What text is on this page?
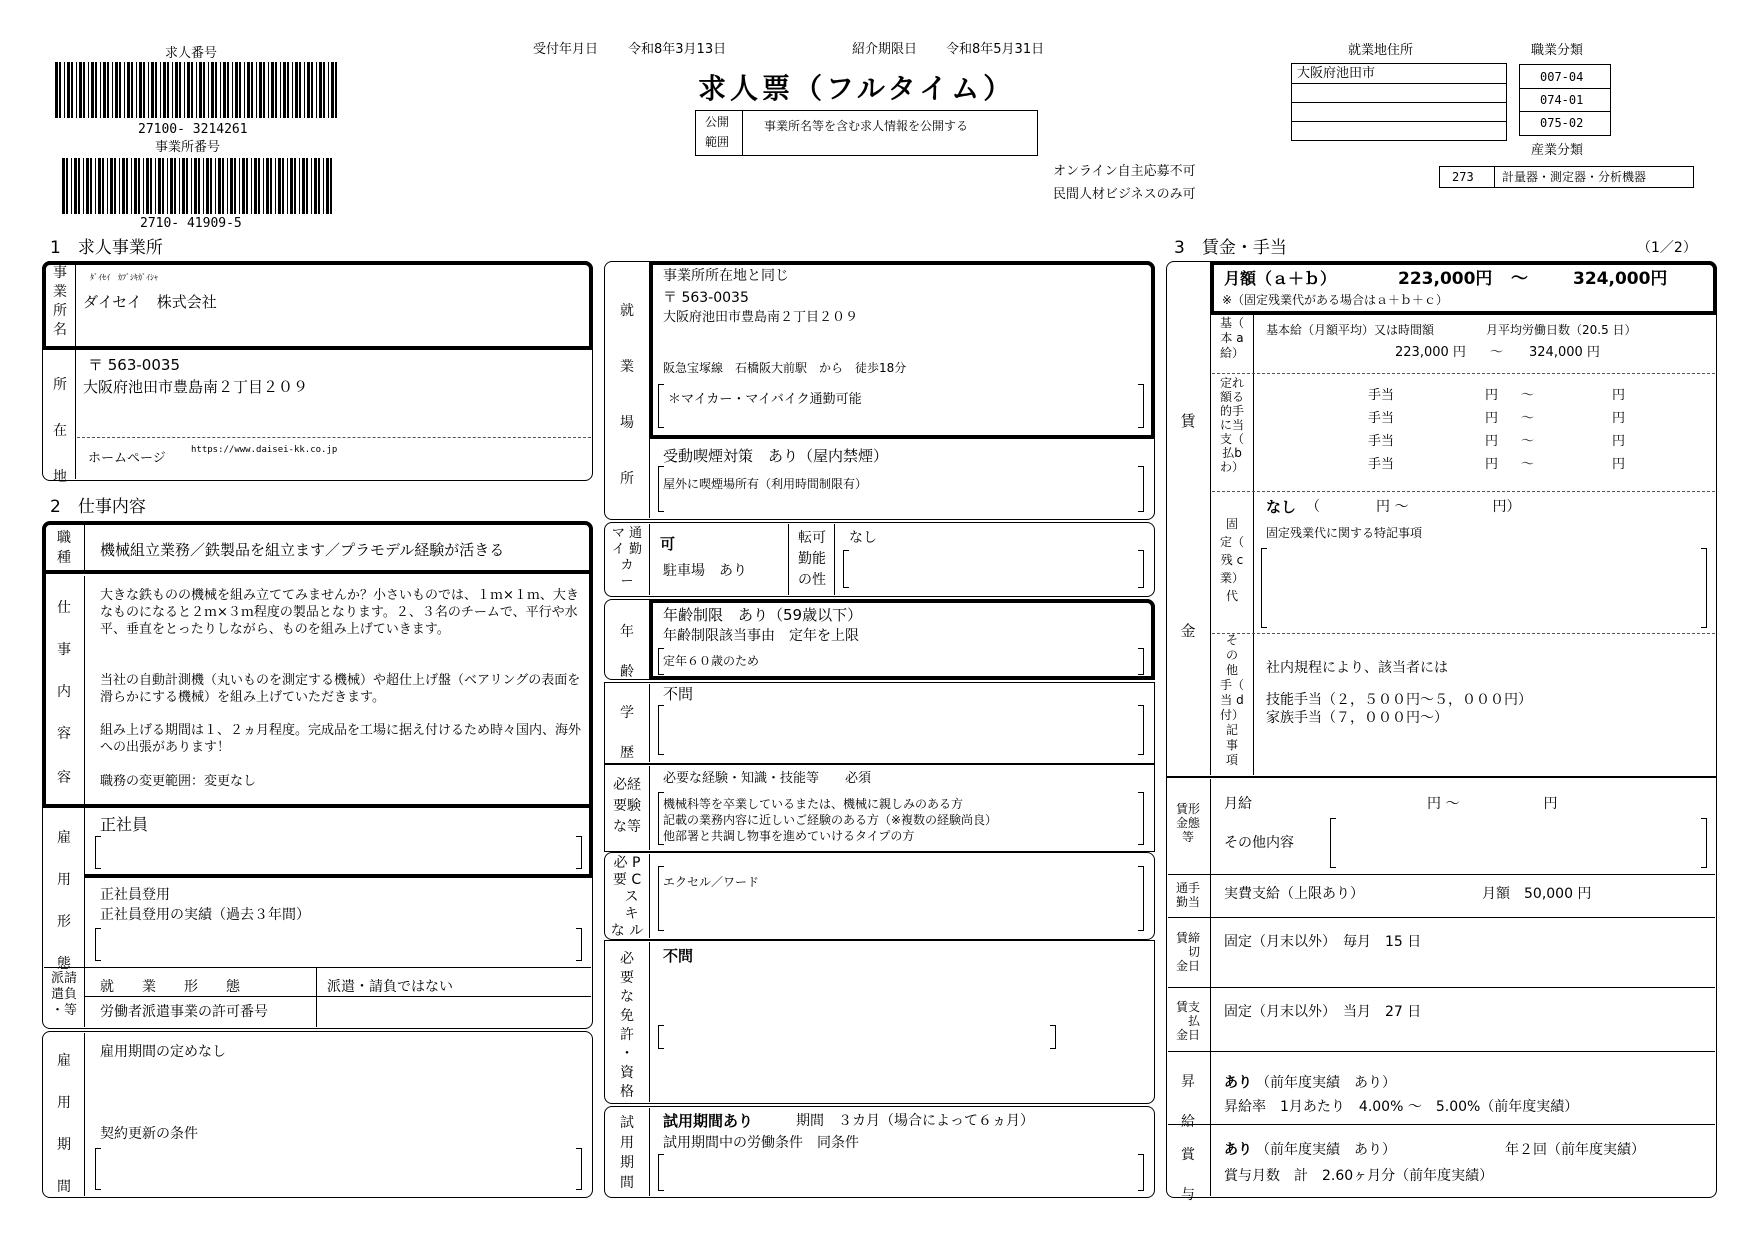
求人番号
27100- 3214261
事業所番号
2710- 41909-5
受付年月日 令和8年3月13日	紹介期限日 令和8年5月31日
求人票（フルタイム）
公開
範囲
事業所名等を含む求人情報を公開する
オンライン自主応募不可
民間人材ビジネスのみ可
就業地住所
大阪府池田市
職業分類
007-04
074-01
075-02
産業分類
273 計量器・測定器・分析機器
1　求人事業所
事
業
所
名
ﾀﾞｲｾｲ　ｶﾌﾞｼｷｶﾞｲｼｬ
ダイセイ　株式会社
所
在
地
〒 563-0035
大阪府池田市豊島南２丁目２０９
ホームページ
https://www.daisei-kk.co.jp
2　仕事内容
職
種	機械組立業務／鉄製品を組立ます／プラモデル経験が活きる
仕
事
内
容

容
大きな鉄ものの機械を組み立ててみませんか？小さいものでは、１ｍ×１ｍ、大きなものになると２ｍ×３ｍ程度の製品となります。２、３名のチームで、平行や水平、垂直をとったりしながら、ものを組み上げていきます。
当社の自動計測機（丸いものを測定する機械）や超仕上げ盤（ベアリングの表面を滑らかにする機械）を組み上げていただきます。
組み上げる期間は１、２ヵ月程度。完成品を工場に据え付けるため時々国内、海外への出張があります！
職務の変更範囲：変更なし
雇
用
形
態
正社員
正社員登用
正社員登用の実績（過去３年間）
派請
遣負
・等
就　　業　　形　　態	派遣・請負ではない
労働者派遣事業の許可番号
雇
用
期
間
雇用期間の定めなし
契約更新の条件
就
業
場
所
事業所所在地と同じ
〒 563-0035
大阪府池田市豊島南２丁目２０９
阪急宝塚線　石橋阪大前駅　から　徒歩18分
＊マイカー・マイバイク通勤可能
受動喫煙対策　あり（屋内禁煙）
屋外に喫煙場所有（利用時間制限有）
マ 通
イ 勤
カ
ー
可
駐車場　あり
転可
勤能
の性
なし
年
齢
年齢制限　あり（59歳以下）
年齢制限該当事由　定年を上限
定年６０歳のため
学
歴
不問
必経
要験
な等
必要な経験・知識・技能等　　必須
機械科等を卒業しているまたは、機械に親しみのある方
記載の業務内容に近しいご経験のある方（※複数の経験尚良）
他部署と共調し物事を進めていけるタイプの方
必 P
要 C
ス
キ
な ル
エクセル／ワード
必
要
な
免
許
・
資
格
不問
試
用
期
間
試用期間あり	期間　３カ月（場合によって６ヵ月）
試用期間中の労働条件　同条件
3　賃金・手当	（1／2）
賃
金
月額（ａ＋ｂ）	223,000円 〜	324,000円
※（固定残業代がある場合はａ＋ｂ＋ｃ）
基（
本 a
給）
基本給（月額平均）又は時間額	月平均労働日数（20.5 日）
223,000 円 〜 324,000 円
定れ
額る
的手
に当
支（
払b
わ）
手当	円 〜	円
手当	円 〜	円
手当	円 〜	円
手当	円 〜	円
固
定（
残 c
業）
代
なし （　　　　円 〜　　　　　　円）
固定残業代に関する特記事項
そ
の
他
手（
当 d
付）
記
事
項
社内規程により、該当者には
技能手当（２，５００円〜５，０００円）
家族手当（７，０００円〜）
賃形
金態
等
月給	円 〜　　　　　　円
その他内容
通手
勤当	実費支給（上限あり）	月額　50,000 円
賃締
　切
金日
固定（月末以外）　毎月　15 日
賃支
　払
金日
固定（月末以外）　当月　27 日
昇
給
あり （前年度実績　あり）
昇給率　1月あたり　4.00% 〜　5.00%（前年度実績）
賞
与
あり （前年度実績　あり）	年２回（前年度実績）
賞与月数　計　2.60ヶ月分（前年度実績）
